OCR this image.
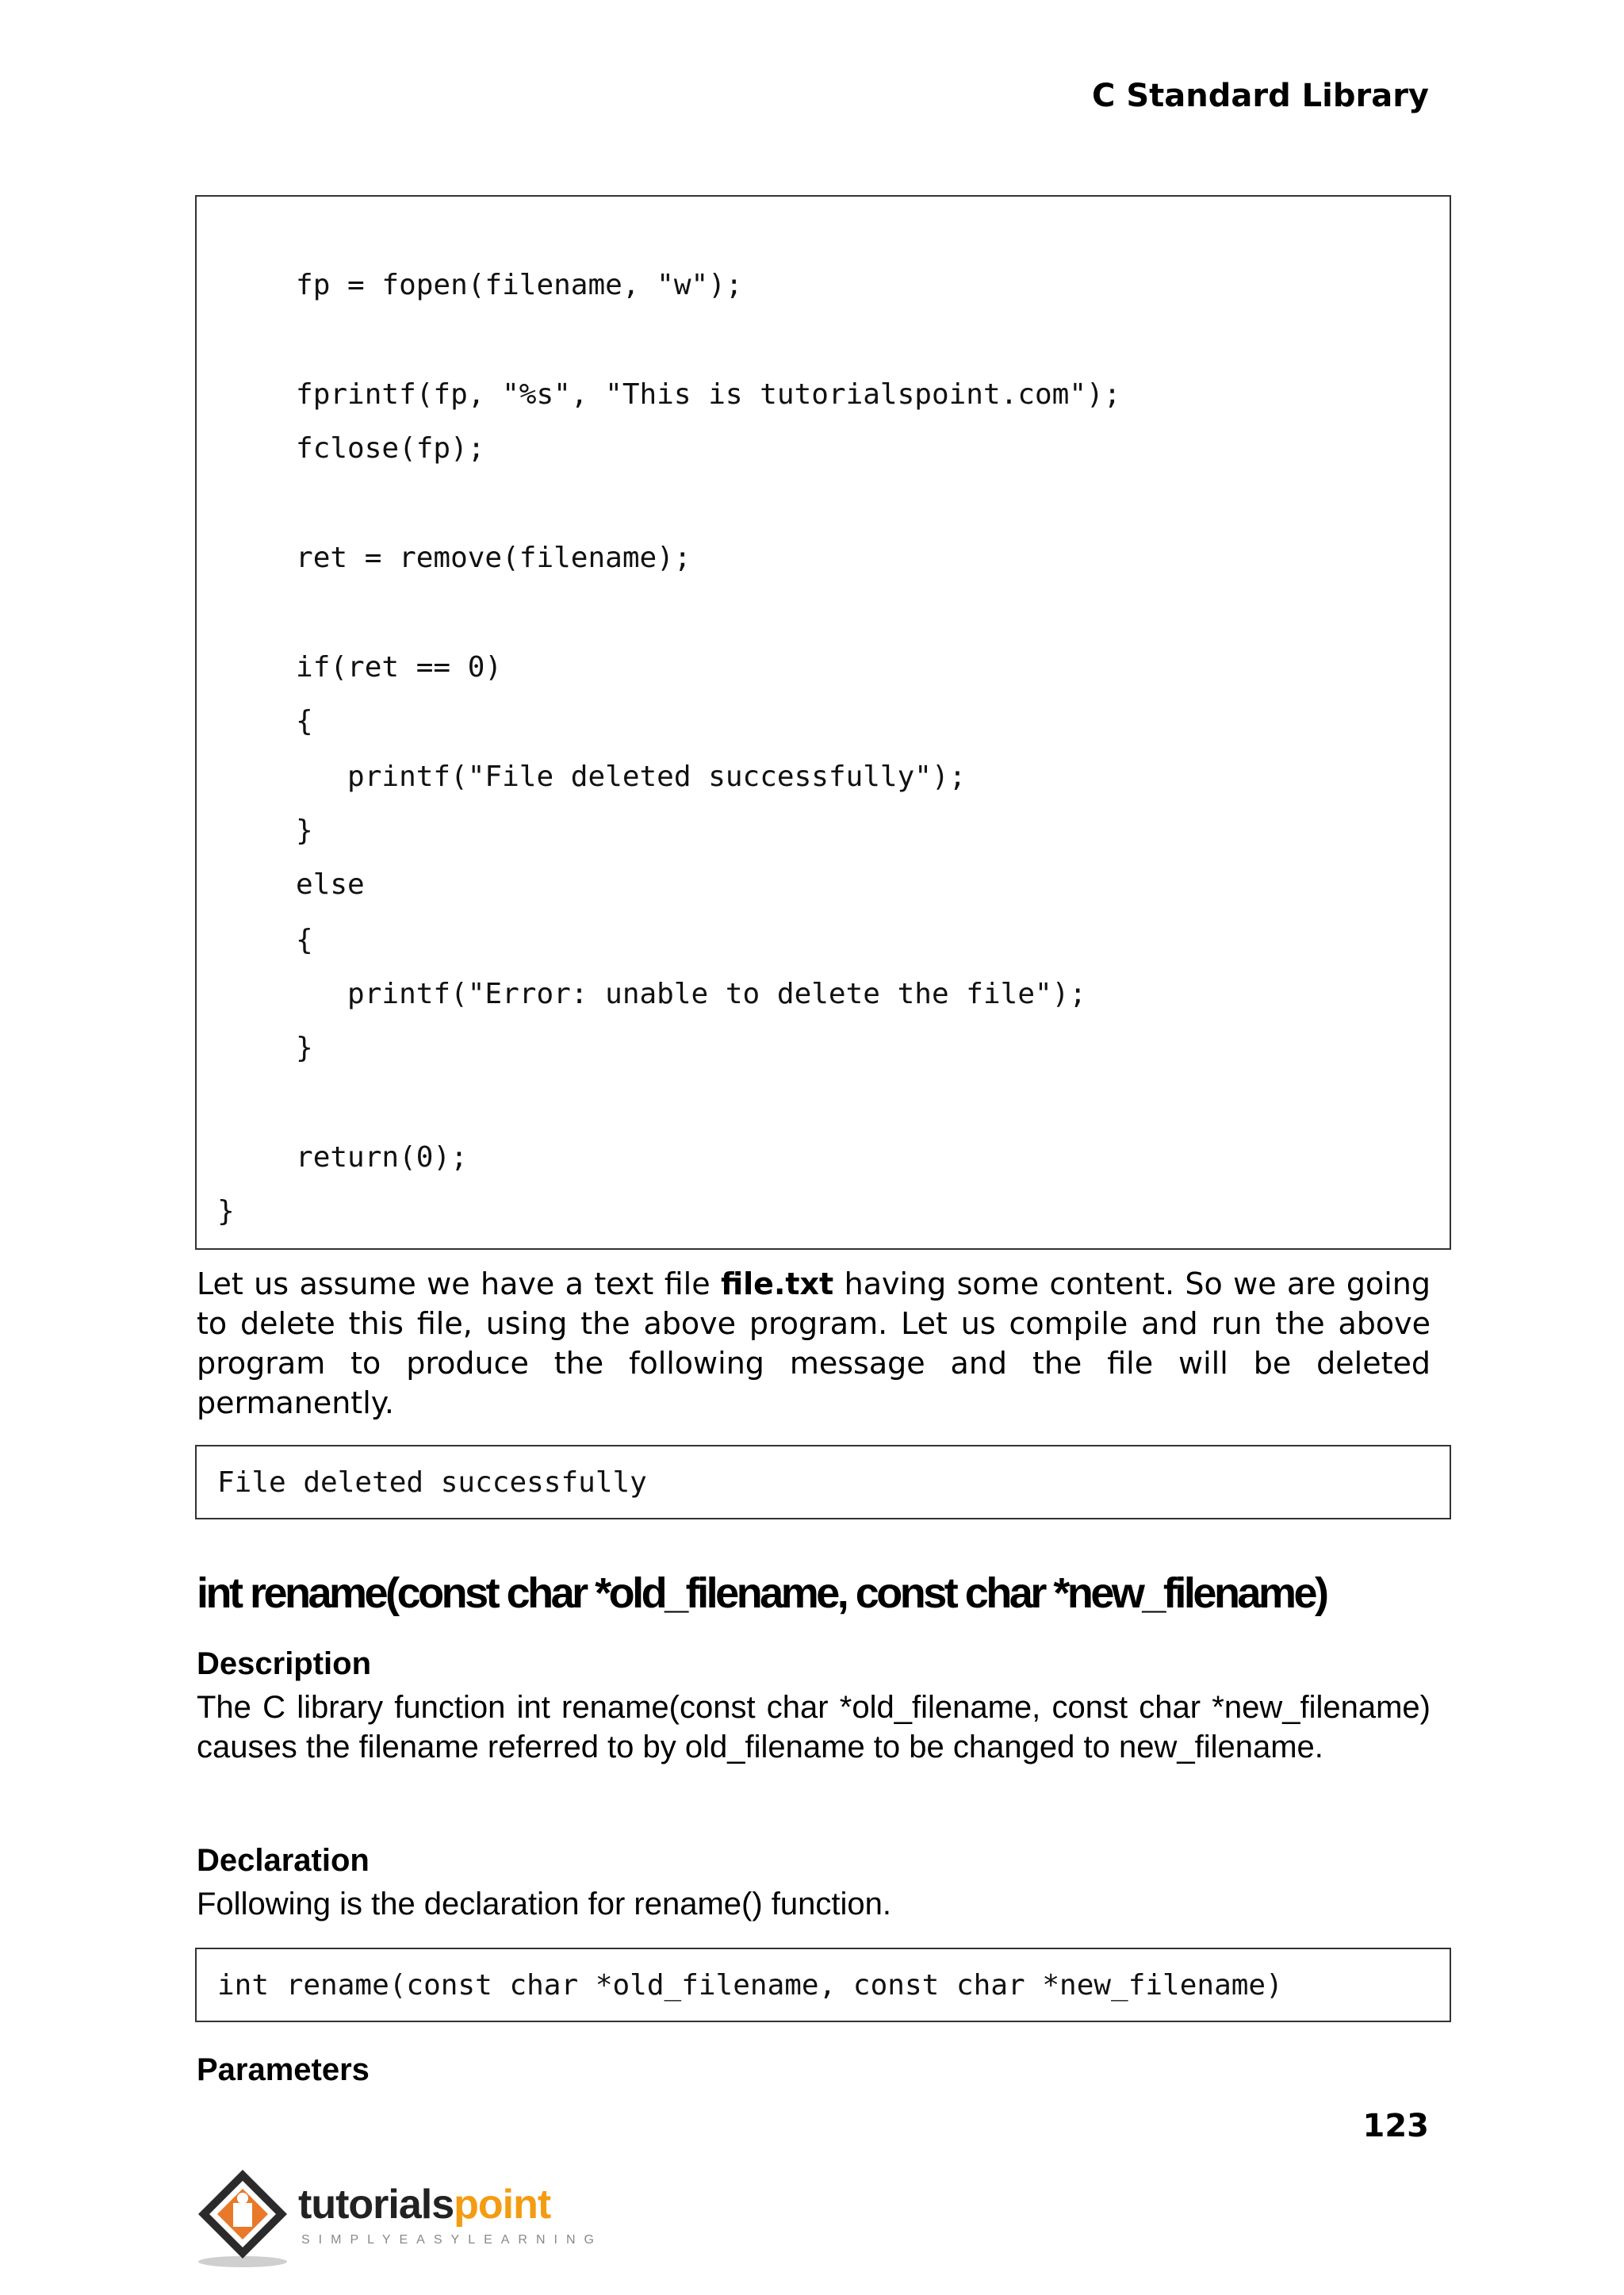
C Standard Library
fp = fopen(filename, "w");
fprintf(fp, "%s", "This is tutorialspoint.com");
fclose(fp);
ret = remove(filename);
if(ret == 0)
{
printf("File deleted successfully");
}
else
{
printf("Error: unable to delete the file");
}
return(0);
}
Let us assume we have a text file file.txt having some content. So we are going to delete this file, using the above program. Let us compile and run the above program to produce the following message and the file will be deleted permanently.
File deleted successfully
int rename(const char *old_filename, const char *new_filename)
Description
The C library function int rename(const char *old_filename, const char *new_filename) causes the filename referred to by old_filename to be changed to new_filename.
Declaration
Following is the declaration for rename() function.
int rename(const char *old_filename, const char *new_filename)
Parameters
123
tutorialspoint
SIMPLYEASYLEARNING
